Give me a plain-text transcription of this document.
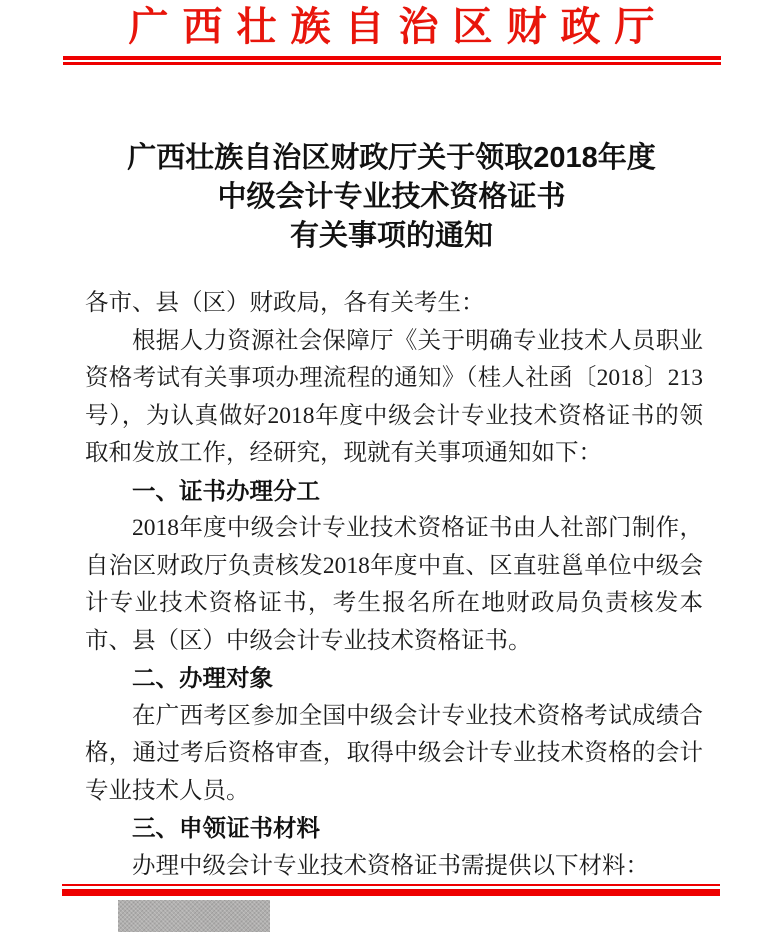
广西壮族自治区财政厅
广西壮族自治区财政厅关于领取2018年度
中级会计专业技术资格证书
有关事项的通知
各市、县（区）财政局，各有关考生：
根据人力资源社会保障厅《关于明确专业技术人员职业资格考试有关事项办理流程的通知》（桂人社函〔2018〕213号），为认真做好2018年度中级会计专业技术资格证书的领取和发放工作，经研究，现就有关事项通知如下：
一、证书办理分工
2018年度中级会计专业技术资格证书由人社部门制作，自治区财政厅负责核发2018年度中直、区直驻邕单位中级会计专业技术资格证书，考生报名所在地财政局负责核发本市、县（区）中级会计专业技术资格证书。
二、办理对象
在广西考区参加全国中级会计专业技术资格考试成绩合格，通过考后资格审查，取得中级会计专业技术资格的会计专业技术人员。
三、申领证书材料
办理中级会计专业技术资格证书需提供以下材料：
